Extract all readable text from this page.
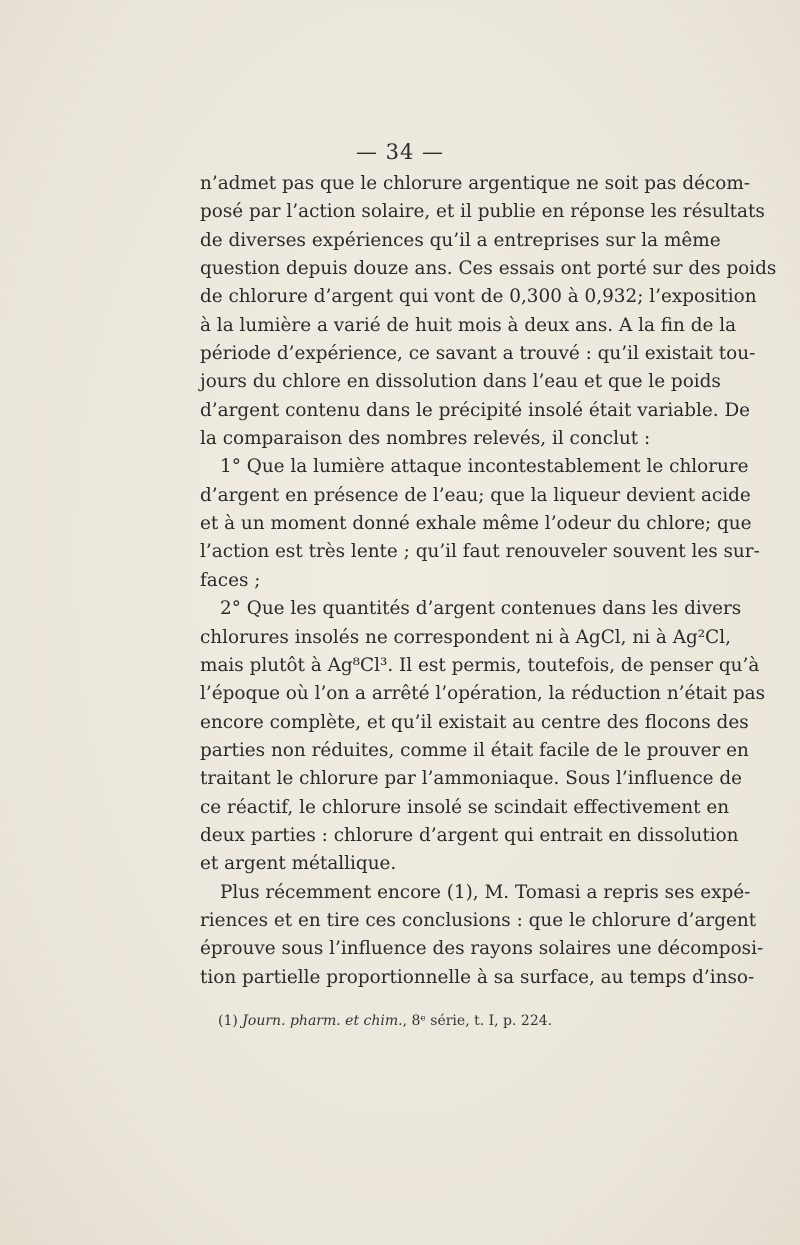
— 34 —
n’admet pas que le chlorure argentique ne soit pas décom-
posé par l’action solaire, et il publie en réponse les résultats
de diverses expériences qu’il a entreprises sur la même
question depuis douze ans. Ces essais ont porté sur des poids
de chlorure d’argent qui vont de 0,300 à 0,932; l’exposition
à la lumière a varié de huit mois à deux ans. A la fin de la
période d’expérience, ce savant a trouvé : qu’il existait tou-
jours du chlore en dissolution dans l’eau et que le poids
d’argent contenu dans le précipité insolé était variable. De
la comparaison des nombres relevés, il conclut :
1° Que la lumière attaque incontestablement le chlorure
d’argent en présence de l’eau; que la liqueur devient acide
et à un moment donné exhale même l’odeur du chlore; que
l’action est très lente ; qu’il faut renouveler souvent les sur-
faces ;
2° Que les quantités d’argent contenues dans les divers
chlorures insolés ne correspondent ni à AgCl, ni à Ag²Cl,
mais plutôt à Ag⁸Cl³. Il est permis, toutefois, de penser qu’à
l’époque où l’on a arrêté l’opération, la réduction n’était pas
encore complète, et qu’il existait au centre des flocons des
parties non réduites, comme il était facile de le prouver en
traitant le chlorure par l’ammoniaque. Sous l’influence de
ce réactif, le chlorure insolé se scindait effectivement en
deux parties : chlorure d’argent qui entrait en dissolution
et argent métallique.
Plus récemment encore (1), M. Tomasi a repris ses expé-
riences et en tire ces conclusions : que le chlorure d’argent
éprouve sous l’influence des rayons solaires une décomposi-
tion partielle proportionnelle à sa surface, au temps d’inso-
(1) Journ. pharm. et chim., 8ᵉ série, t. I, p. 224.
